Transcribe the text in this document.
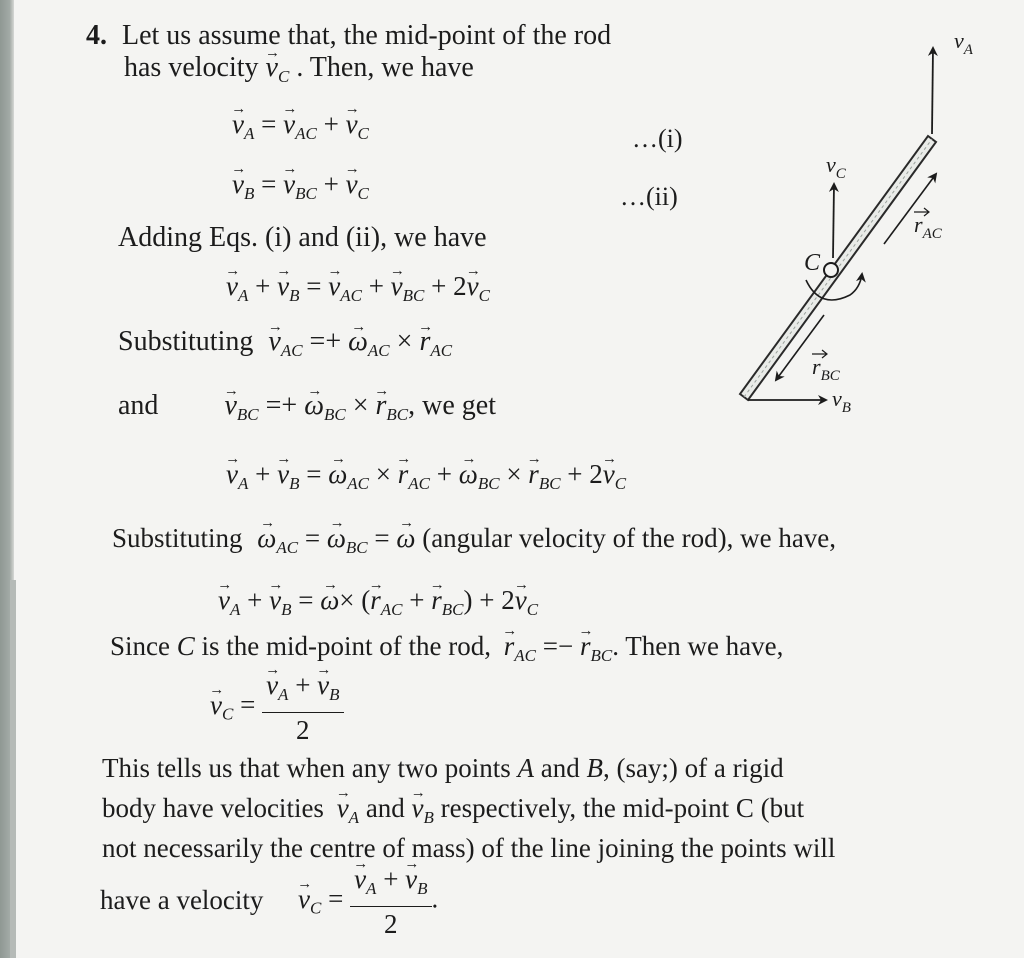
4. Let us assume that, the mid-point of the rod
has velocity → $v_C$ . Then, we have
→ $v_A$ = → $v_{AC}$ + → $v_C$	…(i)
→ $v_B$ = → $v_{BC}$ + → $v_C$	…(ii)
Adding Eqs. (i) and (ii), we have
→ $v_A$ + → $v_B$ = → $v_{AC}$ + → $v_{BC} + 2\to v_C$
Substituting → $v_{AC}$ =+ → $\omega_{AC}$ × → $r_{AC}$
and → $v_{BC}$ =+ → $\omega_{BC}$ × → $r_{BC}$, we get
→ $v_A$ + → $v_B$ = → $\omega_{AC}$ × → $r_{AC}$ + → $\omega_{BC}$ × → $r_{BC} + 2\to v_C$
Substituting → $\omega_{AC}$ = → $\omega_{BC}$ = → ω (angular velocity of the rod), we have,
→ $v_A$ + → $v_B$ = → ω× (→ $r_{AC}$ + → $r_{BC}) + 2\to v_C$
Since C is the mid-point of the rod, → $r_{AC}$ =− → $r_{BC}$. Then we have,
→ $v_C$ = → $\frac{v_A + \to v_B}{2}$
This tells us that when any two points A and B, (say;) of a rigid
body have velocities → $v_A$ and → $v_B$ respectively, the mid-point C (but
not necessarily the centre of mass) of the line joining the points will
have a velocity → $v_C$ = → $\frac{v_A + \to v_B}{2}$ .
$v_A$
$v_C$
C
$r_{AC}$
$r_{BC}$
$v_B$
